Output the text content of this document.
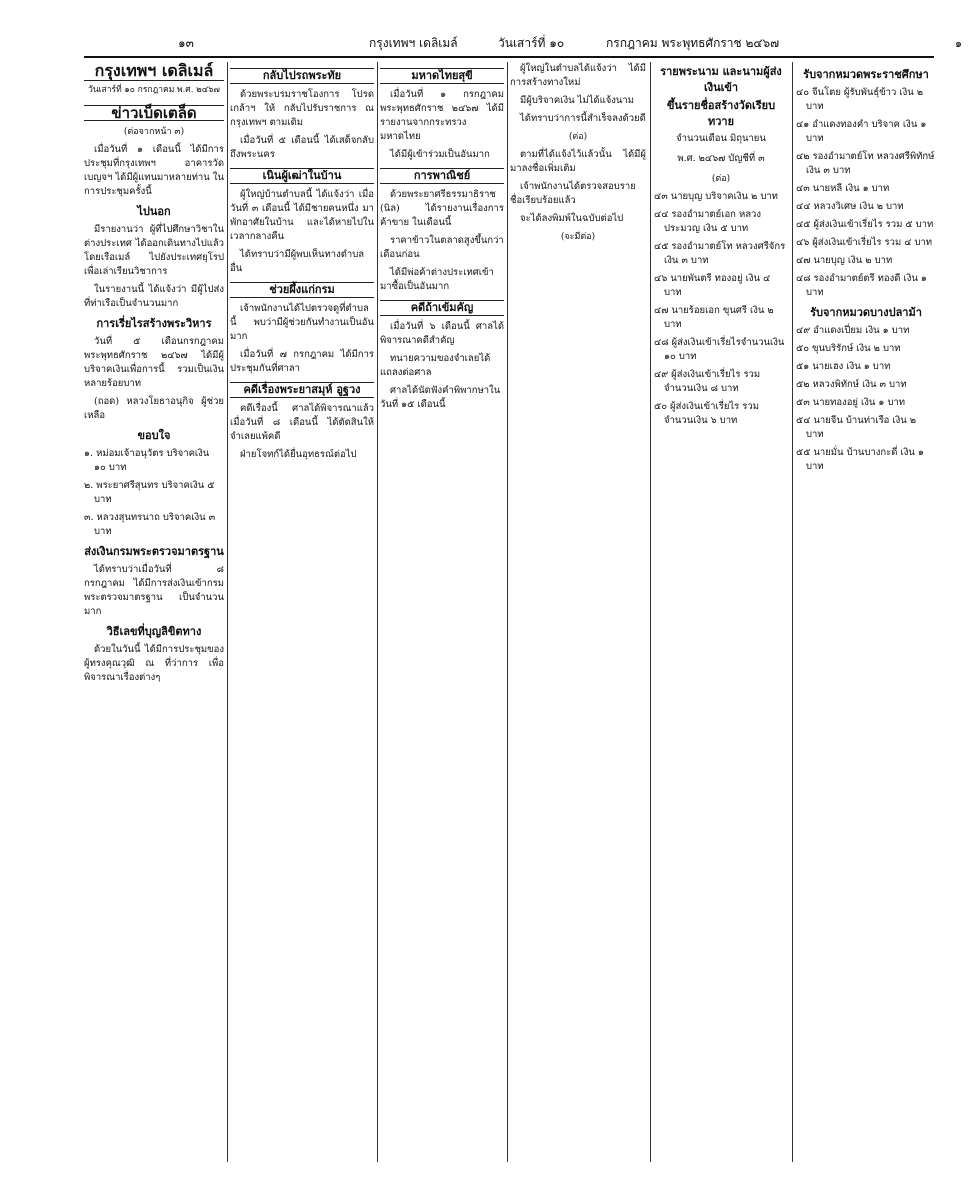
๑๓	กรุงเทพฯ เดลิเมล์	วันเสาร์ที่ ๑๐	กรกฎาคม พระพุทธศักราช ๒๔๖๗	๑
กรุงเทพฯ เดลิเมล์
วันเสาร์ที่ ๑๐ กรกฎาคม พ.ศ. ๒๔๖๗
ข่าวเบ็ดเตล็ด
(ต่อจากหน้า ๓)

เมื่อวันที่ ๑ เดือนนี้ ได้มีการประชุมที่กรุงเทพฯ อาคารวัดเบญจฯ ได้มีผู้แทนมาหลายท่าน ในการประชุมครั้งนี้

ไปนอก

มีรายงานว่า ผู้ที่ไปศึกษาวิชาในต่างประเทศ ได้ออกเดินทางไปแล้วโดยเรือเมล์ ไปยังประเทศยุโรป เพื่อเล่าเรียนวิชาการ

ในรายงานนี้ ได้แจ้งว่า มีผู้ไปส่งที่ท่าเรือเป็นจำนวนมาก

การเรี่ยไรสร้างพระวิหาร

วันที่ ๕ เดือนกรกฎาคม พระพุทธศักราช ๒๔๖๗ ได้มีผู้บริจาคเงินเพื่อการนี้ รวมเป็นเงินหลายร้อยบาท

(ถอด) หลวงโยธาอนุกิจ ผู้ช่วยเหลือ

ขอบใจ
๑. หม่อมเจ้าอนุวัตร บริจาคเงิน ๑๐ บาท
๒. พระยาศรีสุนทร บริจาคเงิน ๕ บาท
๓. หลวงสุนทรนาถ บริจาคเงิน ๓ บาท
ส่งเงินกรมพระตรวจมาตรฐาน

ได้ทราบว่าเมื่อวันที่ ๘ กรกฎาคม ได้มีการส่งเงินเข้ากรมพระตรวจมาตรฐาน เป็นจำนวนมาก

วิธีเลขที่บุญลิขิตทาง

ด้วยในวันนี้ ได้มีการประชุมของผู้ทรงคุณวุฒิ ณ ที่ว่าการ เพื่อพิจารณาเรื่องต่างๆ

กลับไปรถพระทัย

ด้วยพระบรมราชโองการ โปรดเกล้าฯ ให้ กลับไปรับราชการ ณ กรุงเทพฯ ตามเดิม

เมื่อวันที่ ๕ เดือนนี้ ได้เสด็จกลับถึงพระนคร

เนินผู้เฒ่าในบ้าน

ผู้ใหญ่บ้านตำบลนี้ ได้แจ้งว่า เมื่อวันที่ ๓ เดือนนี้ ได้มีชายคนหนึ่ง มาพักอาศัยในบ้าน และได้หายไปในเวลากลางคืน

ได้ทราบว่ามีผู้พบเห็นทางตำบลอื่น

ช่วยผึ้งแก่กรม

เจ้าพนักงานได้ไปตรวจดูที่ตำบลนี้ พบว่ามีผู้ช่วยกันทำงานเป็นอันมาก

เมื่อวันที่ ๗ กรกฎาคม ได้มีการประชุมกันที่ศาลา

คดีเรื่องพระยาสมุห์ อูฐวง

คดีเรื่องนี้ ศาลได้พิจารณาแล้ว เมื่อวันที่ ๘ เดือนนี้ ได้ตัดสินให้จำเลยแพ้คดี

ฝ่ายโจทก์ได้ยื่นอุทธรณ์ต่อไป

มหาดไทยสุขี

เมื่อวันที่ ๑ กรกฎาคม พระพุทธศักราช ๒๔๖๗ ได้มีรายงานจากกระทรวงมหาดไทย

ได้มีผู้เข้าร่วมเป็นอันมาก

การพาณิชย์

ด้วยพระยาศรีธรรมาธิราช (นิล) ได้รายงานเรื่องการค้าขาย ในเดือนนี้

ราคาข้าวในตลาดสูงขึ้นกว่าเดือนก่อน

ได้มีพ่อค้าต่างประเทศเข้ามาซื้อเป็นอันมาก

คดีถ้าเข้มคัญ

เมื่อวันที่ ๖ เดือนนี้ ศาลได้พิจารณาคดีสำคัญ

ทนายความของจำเลยได้แถลงต่อศาล

ศาลได้นัดฟังคำพิพากษาในวันที่ ๑๕ เดือนนี้

ผู้ใหญ่ในตำบลได้แจ้งว่า ได้มีการสร้างทางใหม่

มีผู้บริจาคเงิน ไม่ได้แจ้งนาม

ได้ทราบว่าการนี้สำเร็จลงด้วยดี

(ต่อ)

ตามที่ได้แจ้งไว้แล้วนั้น ได้มีผู้มาลงชื่อเพิ่มเติม

เจ้าพนักงานได้ตรวจสอบรายชื่อเรียบร้อยแล้ว

จะได้ลงพิมพ์ในฉบับต่อไป

(จะมีต่อ)
รายพระนาม และนามผู้ส่งเงินเข้า
ขึ้นรายชื่อสร้างวัดเรียบทวาย
จำนวนเดือน มิถุนายน
พ.ศ. ๒๔๖๗ บัญชีที่ ๓
(ต่อ)
๔๓ นายบุญ บริจาคเงิน ๒ บาท
๔๔ รองอำมาตย์เอก หลวงประมวญ เงิน ๕ บาท
๔๕ รองอำมาตย์โท หลวงศรีจักร เงิน ๓ บาท
๔๖ นายพันตรี ทองอยู่ เงิน ๔ บาท
๔๗ นายร้อยเอก ขุนศรี เงิน ๒ บาท
๔๘ ผู้ส่งเงินเข้าเรี่ยไรจำนวนเงิน ๑๐ บาท
๔๙ ผู้ส่งเงินเข้าเรี่ยไร รวมจำนวนเงิน ๘ บาท
๕๐ ผู้ส่งเงินเข้าเรี่ยไร รวมจำนวนเงิน ๖ บาท
รับจากหมวดพระราชศึกษา
๔๐ จีนโตย ผู้รับพันธุ์ข้าว เงิน ๒ บาท
๔๑ อำแดงทองคำ บริจาค เงิน ๑ บาท
๔๒ รองอำมาตย์โท หลวงศรีพิทักษ์ เงิน ๓ บาท
๔๓ นายหลี เงิน ๑ บาท
๔๔ หลวงวิเศษ เงิน ๒ บาท
๔๕ ผู้ส่งเงินเข้าเรี่ยไร รวม ๕ บาท
๔๖ ผู้ส่งเงินเข้าเรี่ยไร รวม ๔ บาท
๔๗ นายบุญ เงิน ๒ บาท
๔๘ รองอำมาตย์ตรี ทองดี เงิน ๑ บาท
รับจากหมวดบางปลาม้า
๔๙ อำแดงเปี่ยม เงิน ๑ บาท
๕๐ ขุนบริรักษ์ เงิน ๒ บาท
๕๑ นายเฮง เงิน ๑ บาท
๕๒ หลวงพิทักษ์ เงิน ๓ บาท
๕๓ นายทองอยู่ เงิน ๑ บาท
๕๔ นายจีน บ้านท่าเรือ เงิน ๒ บาท
๕๕ นายมั่น บ้านบางกะดี่ เงิน ๑ บาท
